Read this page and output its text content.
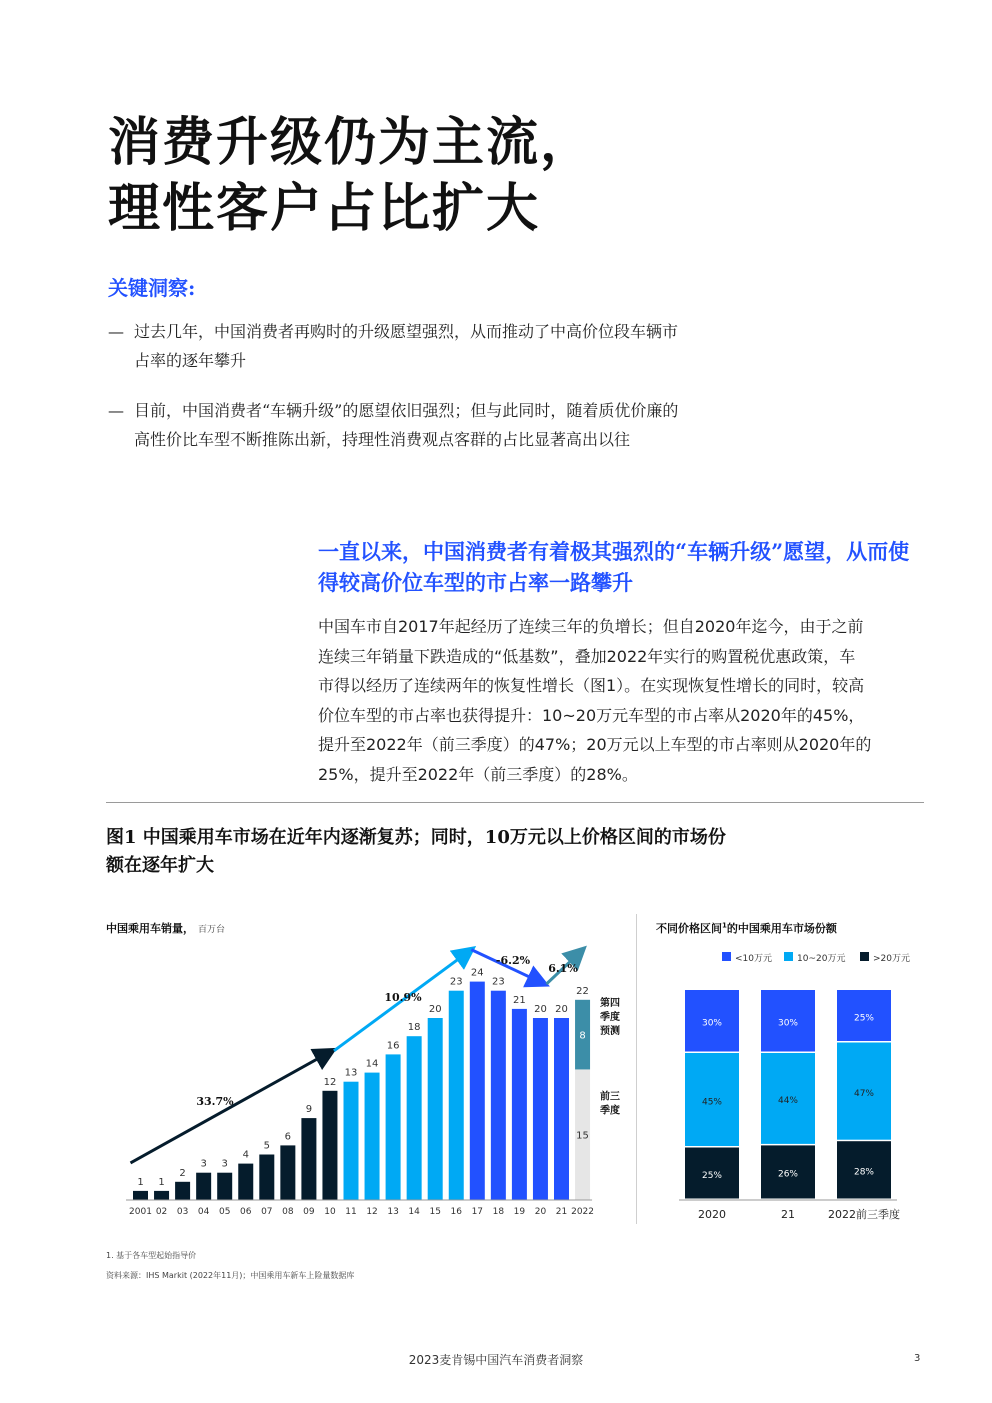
消费升级仍为主流，
理性客户占比扩大
关键洞察:
— 过去几年，中国消费者再购时的升级愿望强烈，从而推动了中高价位段车辆市
占率的逐年攀升
— 目前，中国消费者“车辆升级”的愿望依旧强烈；但与此同时，随着质优价廉的
高性价比车型不断推陈出新，持理性消费观点客群的占比显著高出以往
一直以来，中国消费者有着极其强烈的“车辆升级”愿望，从而使
得较高价位车型的市占率一路攀升
中国车市自2017年起经历了连续三年的负增长；但自2020年迄今，由于之前
连续三年销量下跌造成的“低基数”，叠加2022年实行的购置税优惠政策，车
市得以经历了连续两年的恢复性增长（图1）。在实现恢复性增长的同时，较高
价位车型的市占率也获得提升：10~20万元车型的市占率从2020年的45%，
提升至2022年（前三季度）的47%；20万元以上车型的市占率则从2020年的
25%，提升至2022年（前三季度）的28%。
图1 中国乘用车市场在近年内逐渐复苏；同时，10万元以上价格区间的市场份
额在逐年扩大
中国乘用车销量， 百万台	不同价格区间$^1$的中国乘用车市场份额
1
2001
1
02
2
03
3
04
3
05
4
06
5
07
6
08
9
09
12
10
13
11
14
12
16
13
18
14
20
15
23
16
24
17
23
18
21
19
20
20
20
21
15
8
22
第四
季度
预测
前三
季度
2022
33.7%
10.9%
-6.2%
6.1%
<10万元	10~20万元	>20万元
25%
45%
30%
2020
26%
44%
30%
21
28%
47%
25%
2022前三季度
1. 基于各车型起始指导价
资料来源：IHS Markit (2022年11月)；中国乘用车新车上险量数据库
2023麦肯锡中国汽车消费者洞察	3
